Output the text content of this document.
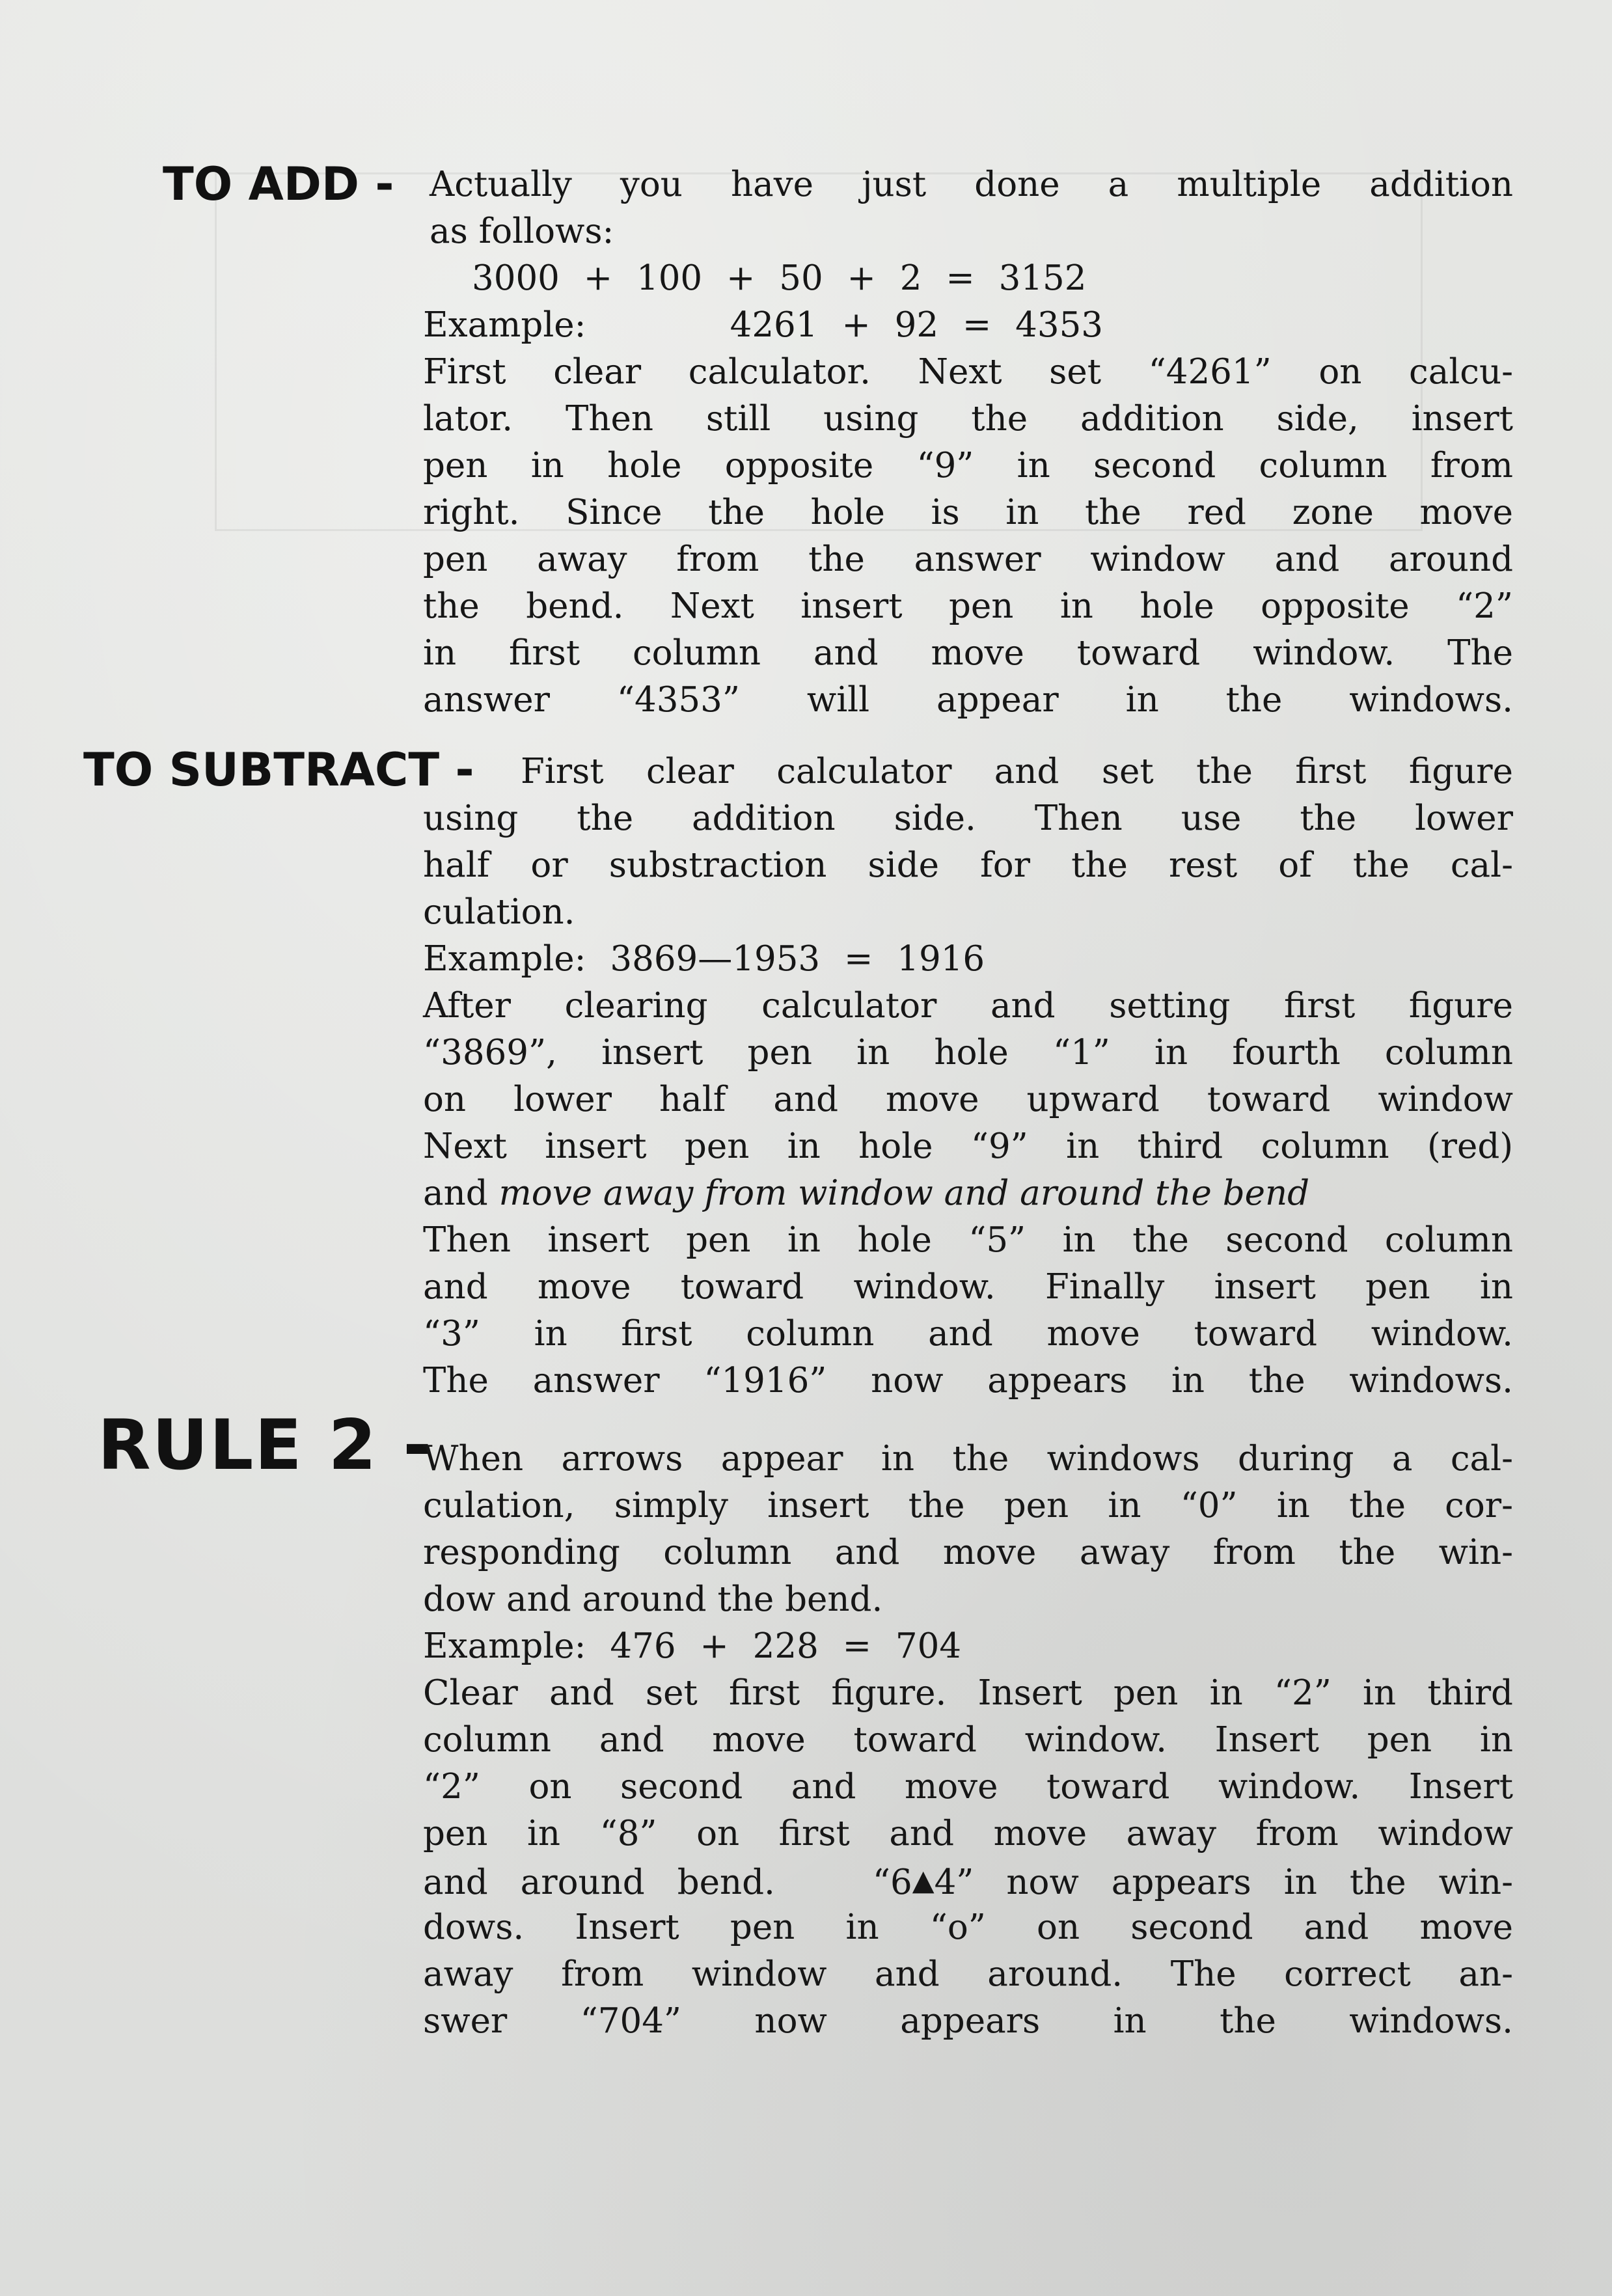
TO ADD - Actually you have just done a multiple addition
as follows:
3000 + 100 + 50 + 2 = 3152
Example:      4261 + 92 = 4353
First clear calculator. Next set “4261” on calcu-
lator. Then still using the addition side, insert
pen in hole opposite “9” in second column from
right. Since the hole is in the red zone move
pen away from the answer window and around
the bend. Next insert pen in hole opposite “2”
in first column and move toward window. The
answer “4353” will appear in the windows.
TO SUBTRACT - First clear calculator and set the first figure
using the addition side. Then use the lower
half or substraction side for the rest of the cal-
culation.
Example: 3869—1953 = 1916
After clearing calculator and setting first figure
“3869”, insert pen in hole “1” in fourth column
on lower half and move upward toward window
Next insert pen in hole “9” in third column (red)
and move away from window and around the bend
Then insert pen in hole “5” in the second column
and move toward window. Finally insert pen in
“3” in first column and move toward window.
The answer “1916” now appears in the windows.
RULE 2 -
When arrows appear in the windows during a cal-
culation, simply insert the pen in “0” in the cor-
responding column and move away from the win-
dow and around the bend.
Example: 476 + 228 = 704
Clear and set first figure. Insert pen in “2” in third
column and move toward window. Insert pen in
“2” on second and move toward window. Insert
pen in “8” on first and move away from window
and around bend.   “6▲4” now appears in the win-
dows. Insert pen in “o” on second and move
away from window and around. The correct an-
swer “704” now appears in the windows.
